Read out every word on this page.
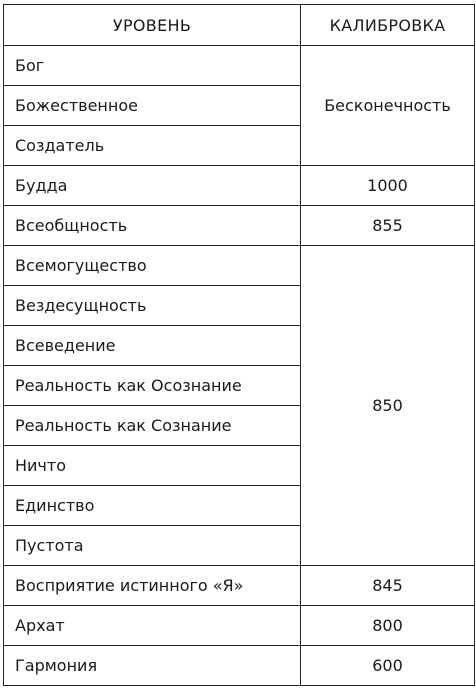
УРОВЕНЬ	КАЛИБРОВКА
Бог	Бесконечность
Божественное	
Создатель	
Будда	1000
Всеобщность	855
Всемогущество	850
Вездесущность	
Всеведение	
Реальность как Осознание	
Реальность как Сознание	
Ничто	
Единство	
Пустота	
Восприятие истинного «Я»	845
Архат	800
Гармония	600
